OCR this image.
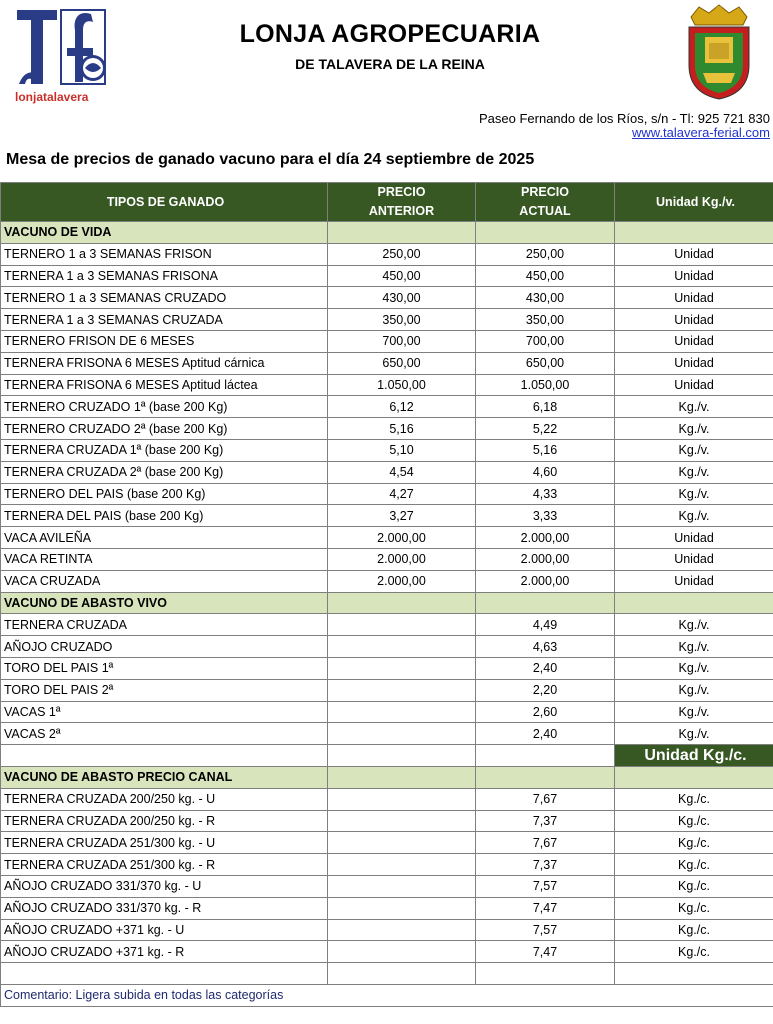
lonjatalavera
LONJA AGROPECUARIA
DE TALAVERA DE LA REINA
Paseo Fernando de los Ríos, s/n - Tl: 925 721 830
www.talavera-ferial.com
Mesa de precios de ganado vacuno para el día 24 septiembre de 2025
TIPOS DE GANADO	PRECIO ANTERIOR	PRECIO ACTUAL	Unidad Kg./v.
VACUNO DE VIDA			
TERNERO 1 a 3 SEMANAS FRISON	250,00	250,00	Unidad
TERNERA 1 a 3 SEMANAS FRISONA	450,00	450,00	Unidad
TERNERO 1 a 3 SEMANAS CRUZADO	430,00	430,00	Unidad
TERNERA 1 a 3 SEMANAS CRUZADA	350,00	350,00	Unidad
TERNERO FRISON DE 6 MESES	700,00	700,00	Unidad
TERNERA FRISONA 6 MESES Aptitud cárnica	650,00	650,00	Unidad
TERNERA FRISONA 6 MESES Aptitud láctea	1.050,00	1.050,00	Unidad
TERNERO CRUZADO 1ª (base 200 Kg)	6,12	6,18	Kg./v.
TERNERO CRUZADO 2ª (base 200 Kg)	5,16	5,22	Kg./v.
TERNERA CRUZADA 1ª (base 200 Kg)	5,10	5,16	Kg./v.
TERNERA CRUZADA 2ª (base 200 Kg)	4,54	4,60	Kg./v.
TERNERO DEL PAIS (base 200 Kg)	4,27	4,33	Kg./v.
TERNERA DEL PAIS (base 200 Kg)	3,27	3,33	Kg./v.
VACA AVILEÑA	2.000,00	2.000,00	Unidad
VACA RETINTA	2.000,00	2.000,00	Unidad
VACA CRUZADA	2.000,00	2.000,00	Unidad
VACUNO DE ABASTO VIVO			
TERNERA CRUZADA		4,49	Kg./v.
AÑOJO CRUZADO		4,63	Kg./v.
TORO DEL PAIS 1ª		2,40	Kg./v.
TORO DEL PAIS 2ª		2,20	Kg./v.
VACAS 1ª		2,60	Kg./v.
VACAS 2ª		2,40	Kg./v.
			Unidad Kg./c.
VACUNO DE ABASTO PRECIO CANAL			
TERNERA CRUZADA 200/250 kg. - U		7,67	Kg./c.
TERNERA CRUZADA 200/250 kg. - R		7,37	Kg./c.
TERNERA CRUZADA 251/300 kg. - U		7,67	Kg./c.
TERNERA CRUZADA 251/300 kg. - R		7,37	Kg./c.
AÑOJO CRUZADO 331/370 kg. - U		7,57	Kg./c.
AÑOJO CRUZADO 331/370 kg. - R		7,47	Kg./c.
AÑOJO CRUZADO +371 kg. - U		7,57	Kg./c.
AÑOJO CRUZADO +371 kg. - R		7,47	Kg./c.

Comentario: Ligera subida en todas las categorías			
